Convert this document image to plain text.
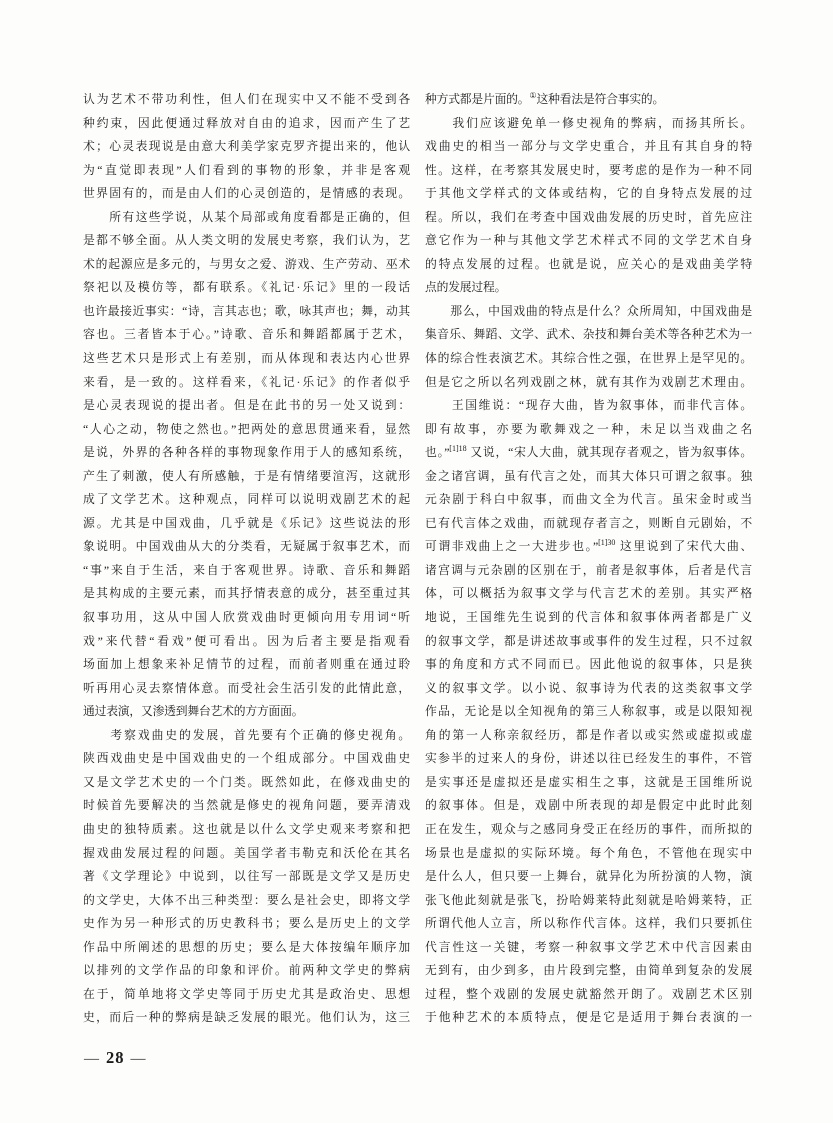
认为艺术不带功利性，但人们在现实中又不能不受到各
种约束，因此便通过释放对自由的追求，因而产生了艺
术；心灵表现说是由意大利美学家克罗齐提出来的，他认
为“直觉即表现”人们看到的事物的形象，并非是客观
世界固有的，而是由人们的心灵创造的，是情感的表现。
　　所有这些学说，从某个局部或角度看都是正确的，但
是都不够全面。从人类文明的发展史考察，我们认为，艺
术的起源应是多元的，与男女之爱、游戏、生产劳动、巫术
祭祀以及模仿等，都有联系。《礼记·乐记》里的一段话
也许最接近事实：“诗，言其志也；歌，咏其声也；舞，动其
容也。三者皆本于心。”诗歌、音乐和舞蹈都属于艺术，
这些艺术只是形式上有差别，而从体现和表达内心世界
来看，是一致的。这样看来，《礼记·乐记》的作者似乎
是心灵表现说的提出者。但是在此书的另一处又说到：
“人心之动，物使之然也。”把两处的意思贯通来看，显然
是说，外界的各种各样的事物现象作用于人的感知系统，
产生了刺激，使人有所感触，于是有情绪要渲泻，这就形
成了文学艺术。这种观点，同样可以说明戏剧艺术的起
源。尤其是中国戏曲，几乎就是《乐记》这些说法的形
象说明。中国戏曲从大的分类看，无疑属于叙事艺术，而
“事”来自于生活，来自于客观世界。诗歌、音乐和舞蹈
是其构成的主要元素，而其抒情表意的成分，甚至重过其
叙事功用，这从中国人欣赏戏曲时更倾向用专用词“听
戏”来代替“看戏”便可看出。因为后者主要是指观看
场面加上想象来补足情节的过程，而前者则重在通过聆
听再用心灵去察情体意。而受社会生活引发的此情此意，
通过表演，又渗透到舞台艺术的方方面面。
　　考察戏曲史的发展，首先要有个正确的修史视角。
陕西戏曲史是中国戏曲史的一个组成部分。中国戏曲史
又是文学艺术史的一个门类。既然如此，在修戏曲史的
时候首先要解决的当然就是修史的视角问题，要弄清戏
曲史的独特质素。这也就是以什么文学史观来考察和把
握戏曲发展过程的问题。美国学者韦勒克和沃伦在其名
著《文学理论》中说到，以往写一部既是文学又是历史
的文学史，大体不出三种类型：要么是社会史，即将文学
史作为另一种形式的历史教科书；要么是历史上的文学
作品中所阐述的思想的历史；要么是大体按编年顺序加
以排列的文学作品的印象和评价。前两种文学史的弊病
在于，简单地将文学史等同于历史尤其是政治史、思想
史，而后一种的弊病是缺乏发展的眼光。他们认为，这三
种方式都是片面的。①这种看法是符合事实的。
　　我们应该避免单一修史视角的弊病，而扬其所长。
戏曲史的相当一部分与文学史重合，并且有其自身的特
性。这样，在考察其发展史时，要考虑的是作为一种不同
于其他文学样式的文体或结构，它的自身特点发展的过
程。所以，我们在考查中国戏曲发展的历史时，首先应注
意它作为一种与其他文学艺术样式不同的文学艺术自身
的特点发展的过程。也就是说，应关心的是戏曲美学特
点的发展过程。
　　那么，中国戏曲的特点是什么？众所周知，中国戏曲是
集音乐、舞蹈、文学、武术、杂技和舞台美术等各种艺术为一
体的综合性表演艺术。其综合性之强，在世界上是罕见的。
但是它之所以名列戏剧之林，就有其作为戏剧艺术理由。
　　王国维说：“现存大曲，皆为叙事体，而非代言体。
即有故事，亦要为歌舞戏之一种，未足以当戏曲之名
也。”$^{[1]18}$ 又说，“宋人大曲，就其现存者观之，皆为叙事体。
金之诸宫调，虽有代言之处，而其大体只可谓之叙事。独
元杂剧于科白中叙事，而曲文全为代言。虽宋金时或当
已有代言体之戏曲，而就现存者言之，则断自元剧始，不
可谓非戏曲上之一大进步也。”$^{[1]30}$ 这里说到了宋代大曲、
诸宫调与元杂剧的区别在于，前者是叙事体，后者是代言
体，可以概括为叙事文学与代言艺术的差别。其实严格
地说，王国维先生说到的代言体和叙事体两者都是广义
的叙事文学，都是讲述故事或事件的发生过程，只不过叙
事的角度和方式不同而已。因此他说的叙事体，只是狭
义的叙事文学。以小说、叙事诗为代表的这类叙事文学
作品，无论是以全知视角的第三人称叙事，或是以限知视
角的第一人称亲叙经历，都是作者以或实然或虚拟或虚
实参半的过来人的身份，讲述以往已经发生的事件，不管
是实事还是虚拟还是虚实相生之事，这就是王国维所说
的叙事体。但是，戏剧中所表现的却是假定中此时此刻
正在发生，观众与之感同身受正在经历的事件，而所拟的
场景也是虚拟的实际环境。每个角色，不管他在现实中
是什么人，但只要一上舞台，就异化为所扮演的人物，演
张飞他此刻就是张飞，扮哈姆莱特此刻就是哈姆莱特，正
所谓代他人立言，所以称作代言体。这样，我们只要抓住
代言性这一关键，考察一种叙事文学艺术中代言因素由
无到有，由少到多，由片段到完整，由简单到复杂的发展
过程，整个戏剧的发展史就豁然开朗了。戏剧艺术区别
于他种艺术的本质特点，便是它是适用于舞台表演的一
— 28 —
